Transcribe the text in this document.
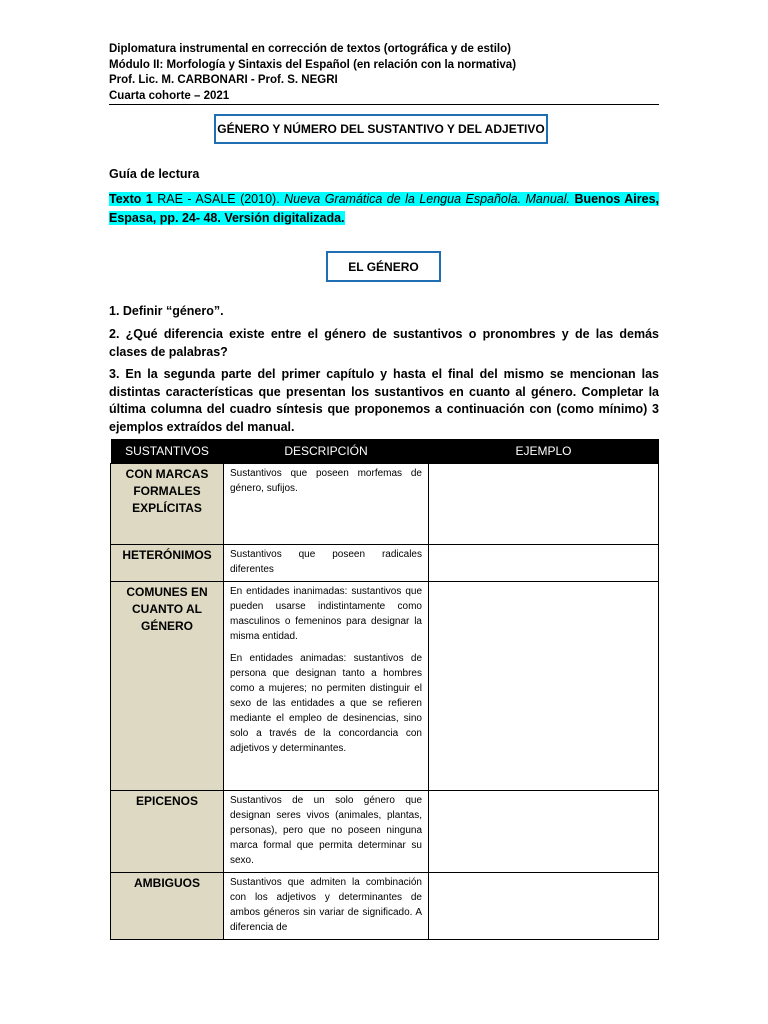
Diplomatura instrumental en corrección de textos (ortográfica y de estilo)
Módulo II: Morfología y Sintaxis del Español (en relación con la normativa)
Prof. Lic. M. CARBONARI - Prof. S. NEGRI
Cuarta cohorte – 2021
GÉNERO Y NÚMERO DEL SUSTANTIVO Y DEL ADJETIVO
Guía de lectura
Texto 1 RAE - ASALE (2010). Nueva Gramática de la Lengua Española. Manual. Buenos Aires, Espasa, pp. 24- 48. Versión digitalizada.
EL GÉNERO
1. Definir “género”.
2. ¿Qué diferencia existe entre el género de sustantivos o pronombres y de las demás clases de palabras?
3. En la segunda parte del primer capítulo y hasta el final del mismo se mencionan las distintas características que presentan los sustantivos en cuanto al género. Completar la última columna del cuadro síntesis que proponemos a continuación con (como mínimo) 3 ejemplos extraídos del manual.
SUSTANTIVOS	DESCRIPCIÓN	EJEMPLO
CON MARCAS FORMALES EXPLÍCITAS	Sustantivos que poseen morfemas de género, sufijos.	

HETERÓNIMOS	Sustantivos que poseen radicales diferentes	

COMUNES EN CUANTO AL GÉNERO	En entidades inanimadas: sustantivos que pueden usarse indistintamente como masculinos o femeninos para designar la misma entidad.

En entidades animadas: sustantivos de persona que designan tanto a hombres como a mujeres; no permiten distinguir el sexo de las entidades a que se refieren mediante el empleo de desinencias, sino solo a través de la concordancia con adjetivos y determinantes.	

EPICENOS	Sustantivos de un solo género que designan seres vivos (animales, plantas, personas), pero que no poseen ninguna marca formal que permita determinar su sexo.	

AMBIGUOS	Sustantivos que admiten la combinación con los adjetivos y determinantes de ambos géneros sin variar de significado. A diferencia de	
